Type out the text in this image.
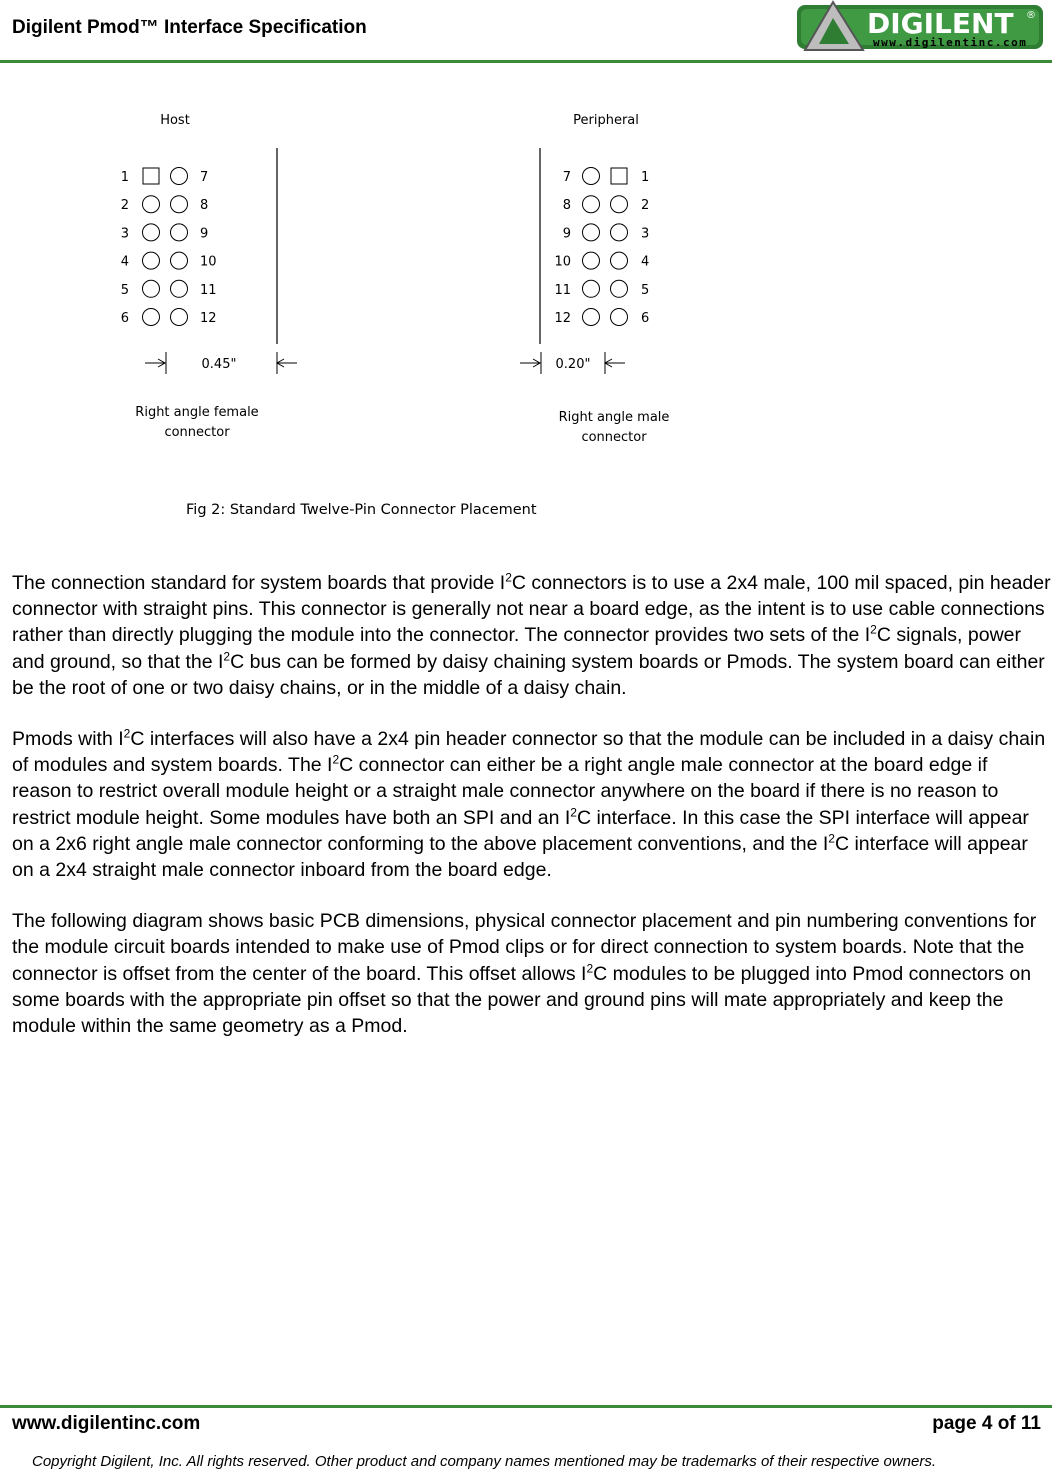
Digilent Pmod™ Interface Specification	DIGILENT ®
www.digilentinc.com
Host	Peripheral
1	7
2	8
3	9
4	10
5	11
6	12
7	1
8	2
9	3
10	4
11	5
12	6
0.45"	0.20"
Right angle female
connector
Right angle male
connector
Fig 2: Standard Twelve-Pin Connector Placement

The connection standard for system boards that provide $I^2C$ connectors is to use a 2x4 male, 100 mil spaced, pin header connector with straight pins. This connector is generally not near a board edge, as the intent is to use cable connections rather than directly plugging the module into the connector. The connector provides two sets of the $I^2C$ signals, power and ground, so that the $I^2C$ bus can be formed by daisy chaining system boards or Pmods. The system board can either be the root of one or two daisy chains, or in the middle of a daisy chain.

Pmods with $I^2C$ interfaces will also have a 2x4 pin header connector so that the module can be included in a daisy chain of modules and system boards. The $I^2C$ connector can either be a right angle male connector at the board edge if reason to restrict overall module height or a straight male connector anywhere on the board if there is no reason to restrict module height. Some modules have both an SPI and an $I^2C$ interface. In this case the SPI interface will appear on a 2x6 right angle male connector conforming to the above placement conventions, and the $I^2C$ interface will appear on a 2x4 straight male connector inboard from the board edge.

The following diagram shows basic PCB dimensions, physical connector placement and pin numbering conventions for the module circuit boards intended to make use of Pmod clips or for direct connection to system boards. Note that the connector is offset from the center of the board. This offset allows $I^2C$ modules to be plugged into Pmod connectors on some boards with the appropriate pin offset so that the power and ground pins will mate appropriately and keep the module within the same geometry as a Pmod.

www.digilentinc.com	page 4 of 11
Copyright Digilent, Inc. All rights reserved. Other product and company names mentioned may be trademarks of their respective owners.
